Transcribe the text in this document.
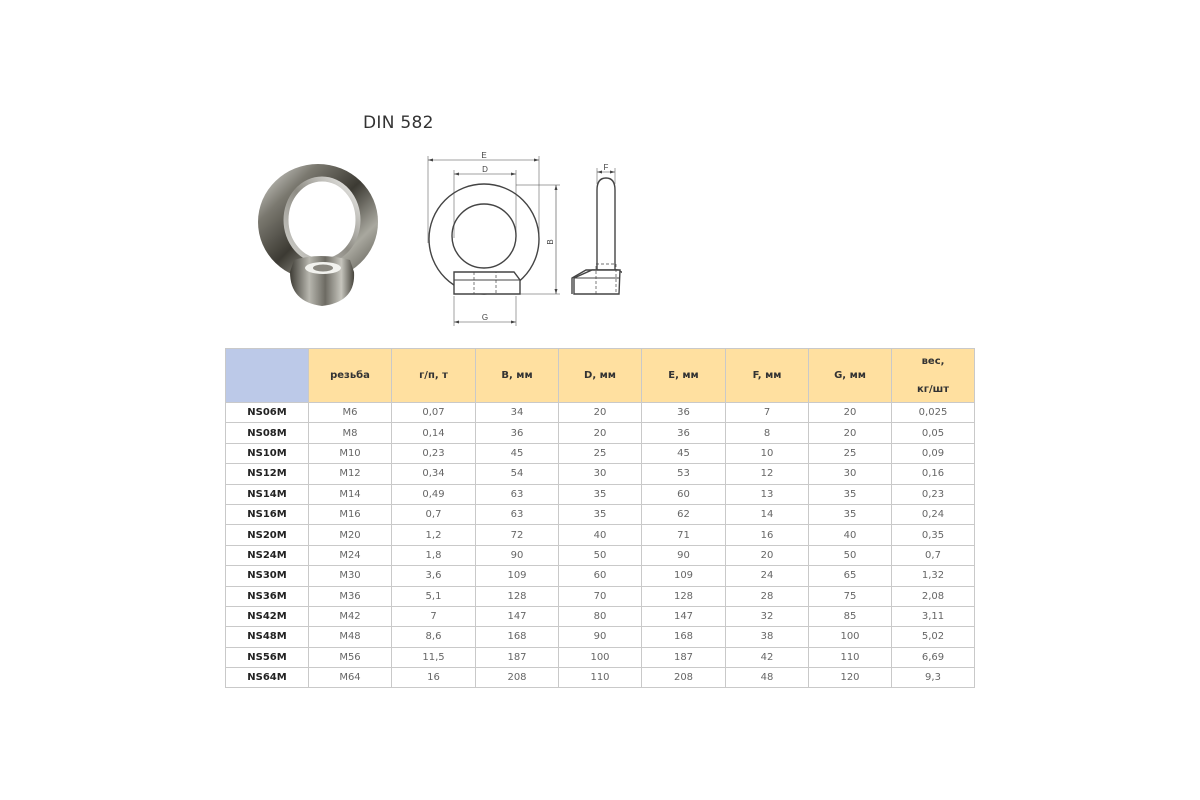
DIN 582
E
D
B
G
F
	резьба	г/п, т	B, мм	D, мм	E, мм	F, мм	G, мм	вес,
кг/шт

NS06M	M6	0,07	34	20	36	7	20	0,025
NS08M	M8	0,14	36	20	36	8	20	0,05
NS10M	M10	0,23	45	25	45	10	25	0,09
NS12M	M12	0,34	54	30	53	12	30	0,16
NS14M	M14	0,49	63	35	60	13	35	0,23
NS16M	M16	0,7	63	35	62	14	35	0,24
NS20M	M20	1,2	72	40	71	16	40	0,35
NS24M	M24	1,8	90	50	90	20	50	0,7
NS30M	M30	3,6	109	60	109	24	65	1,32
NS36M	M36	5,1	128	70	128	28	75	2,08
NS42M	M42	7	147	80	147	32	85	3,11
NS48M	M48	8,6	168	90	168	38	100	5,02
NS56M	M56	11,5	187	100	187	42	110	6,69
NS64M	M64	16	208	110	208	48	120	9,3
